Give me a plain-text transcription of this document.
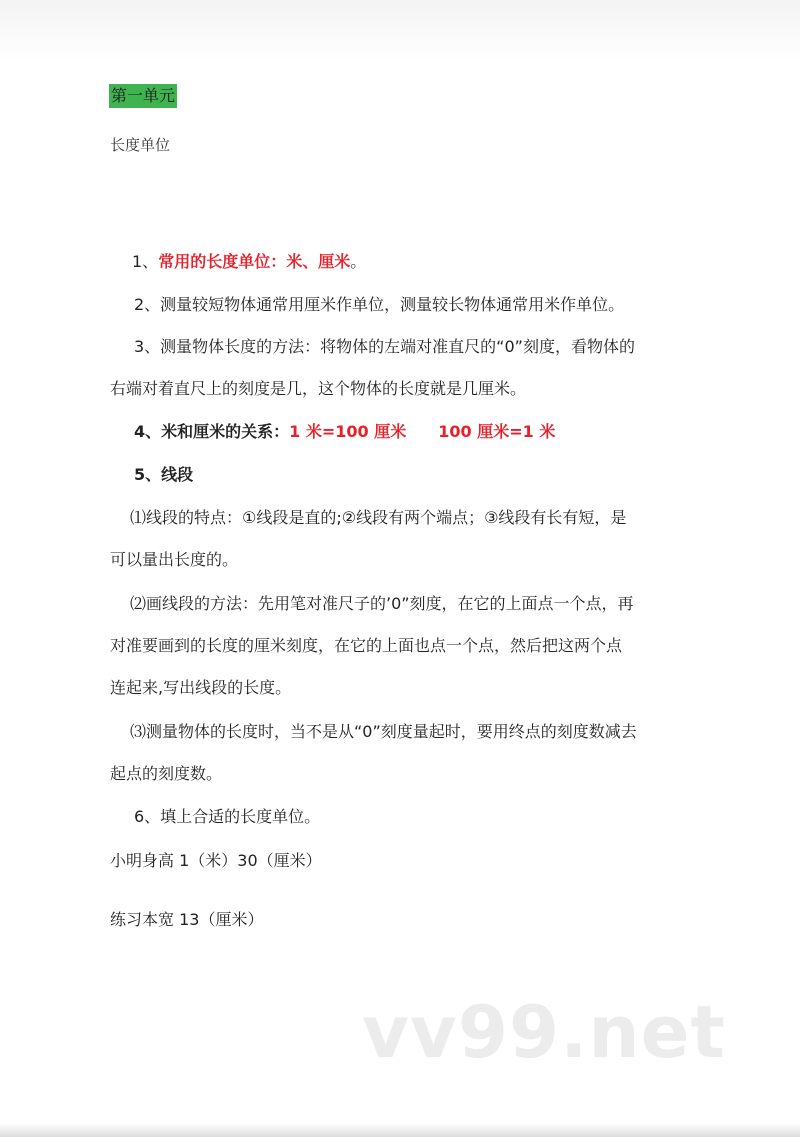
第一单元
长度单位
1、常用的长度单位：米、厘米。
2、测量较短物体通常用厘米作单位，测量较长物体通常用米作单位。
3、测量物体长度的方法：将物体的左端对准直尺的“0”刻度，看物体的
右端对着直尺上的刻度是几，这个物体的长度就是几厘米。
4、米和厘米的关系：1 米=100 厘米 100 厘米=1 米
5、线段
⑴线段的特点：①线段是直的;②线段有两个端点；③线段有长有短，是
可以量出长度的。
⑵画线段的方法：先用笔对准尺子的’0”刻度，在它的上面点一个点，再
对准要画到的长度的厘米刻度，在它的上面也点一个点，然后把这两个点
连起来,写出线段的长度。
⑶测量物体的长度时，当不是从“0”刻度量起时，要用终点的刻度数减去
起点的刻度数。
6、填上合适的长度单位。
小明身高 1（米）30（厘米）
练习本宽 13（厘米）
vv99.net
